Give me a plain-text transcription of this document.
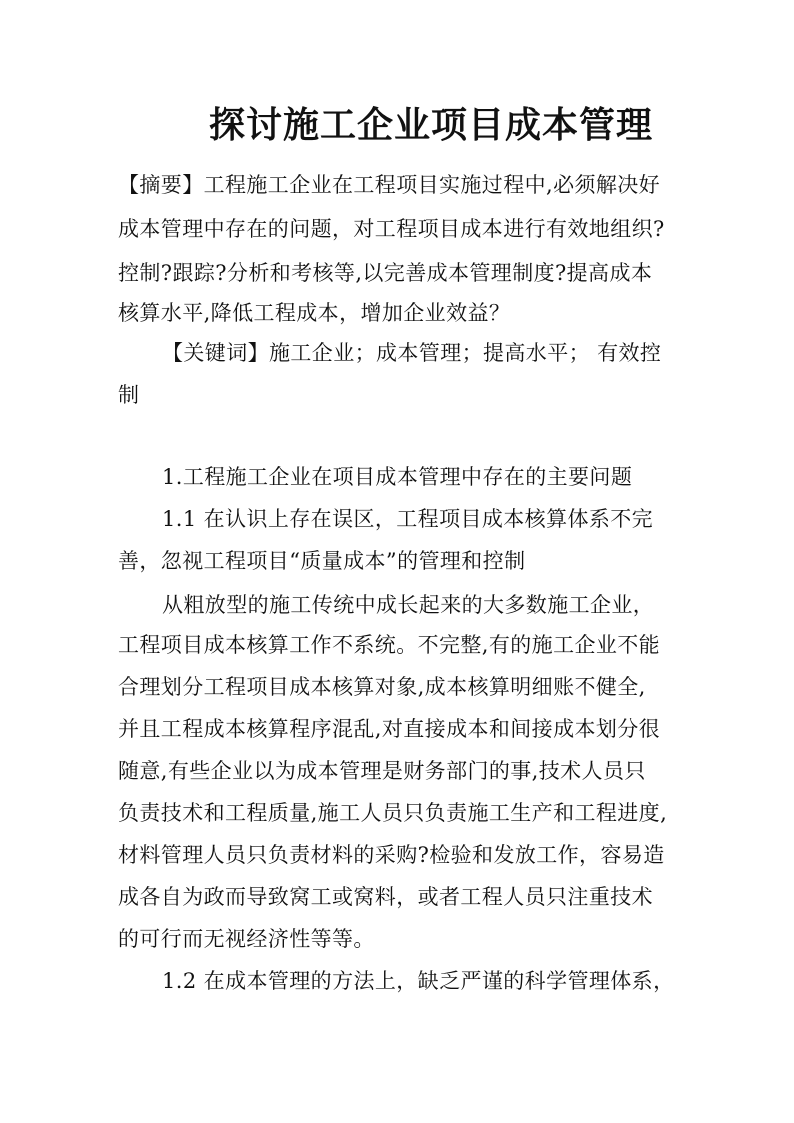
探讨施工企业项目成本管理
【摘要】工程施工企业在工程项目实施过程中,必须解决好
成本管理中存在的问题，对工程项目成本进行有效地组织?
控制?跟踪?分析和考核等,以完善成本管理制度?提高成本
核算水平,降低工程成本，增加企业效益？
【关键词】施工企业；成本管理；提高水平； 有效控
制
1.工程施工企业在项目成本管理中存在的主要问题
1.1 在认识上存在误区，工程项目成本核算体系不完
善，忽视工程项目“质量成本”的管理和控制
从粗放型的施工传统中成长起来的大多数施工企业，
工程项目成本核算工作不系统。不完整,有的施工企业不能
合理划分工程项目成本核算对象,成本核算明细账不健全,
并且工程成本核算程序混乱,对直接成本和间接成本划分很
随意,有些企业以为成本管理是财务部门的事,技术人员只
负责技术和工程质量,施工人员只负责施工生产和工程进度,
材料管理人员只负责材料的采购?检验和发放工作，容易造
成各自为政而导致窝工或窝料，或者工程人员只注重技术
的可行而无视经济性等等。
1.2 在成本管理的方法上，缺乏严谨的科学管理体系，
